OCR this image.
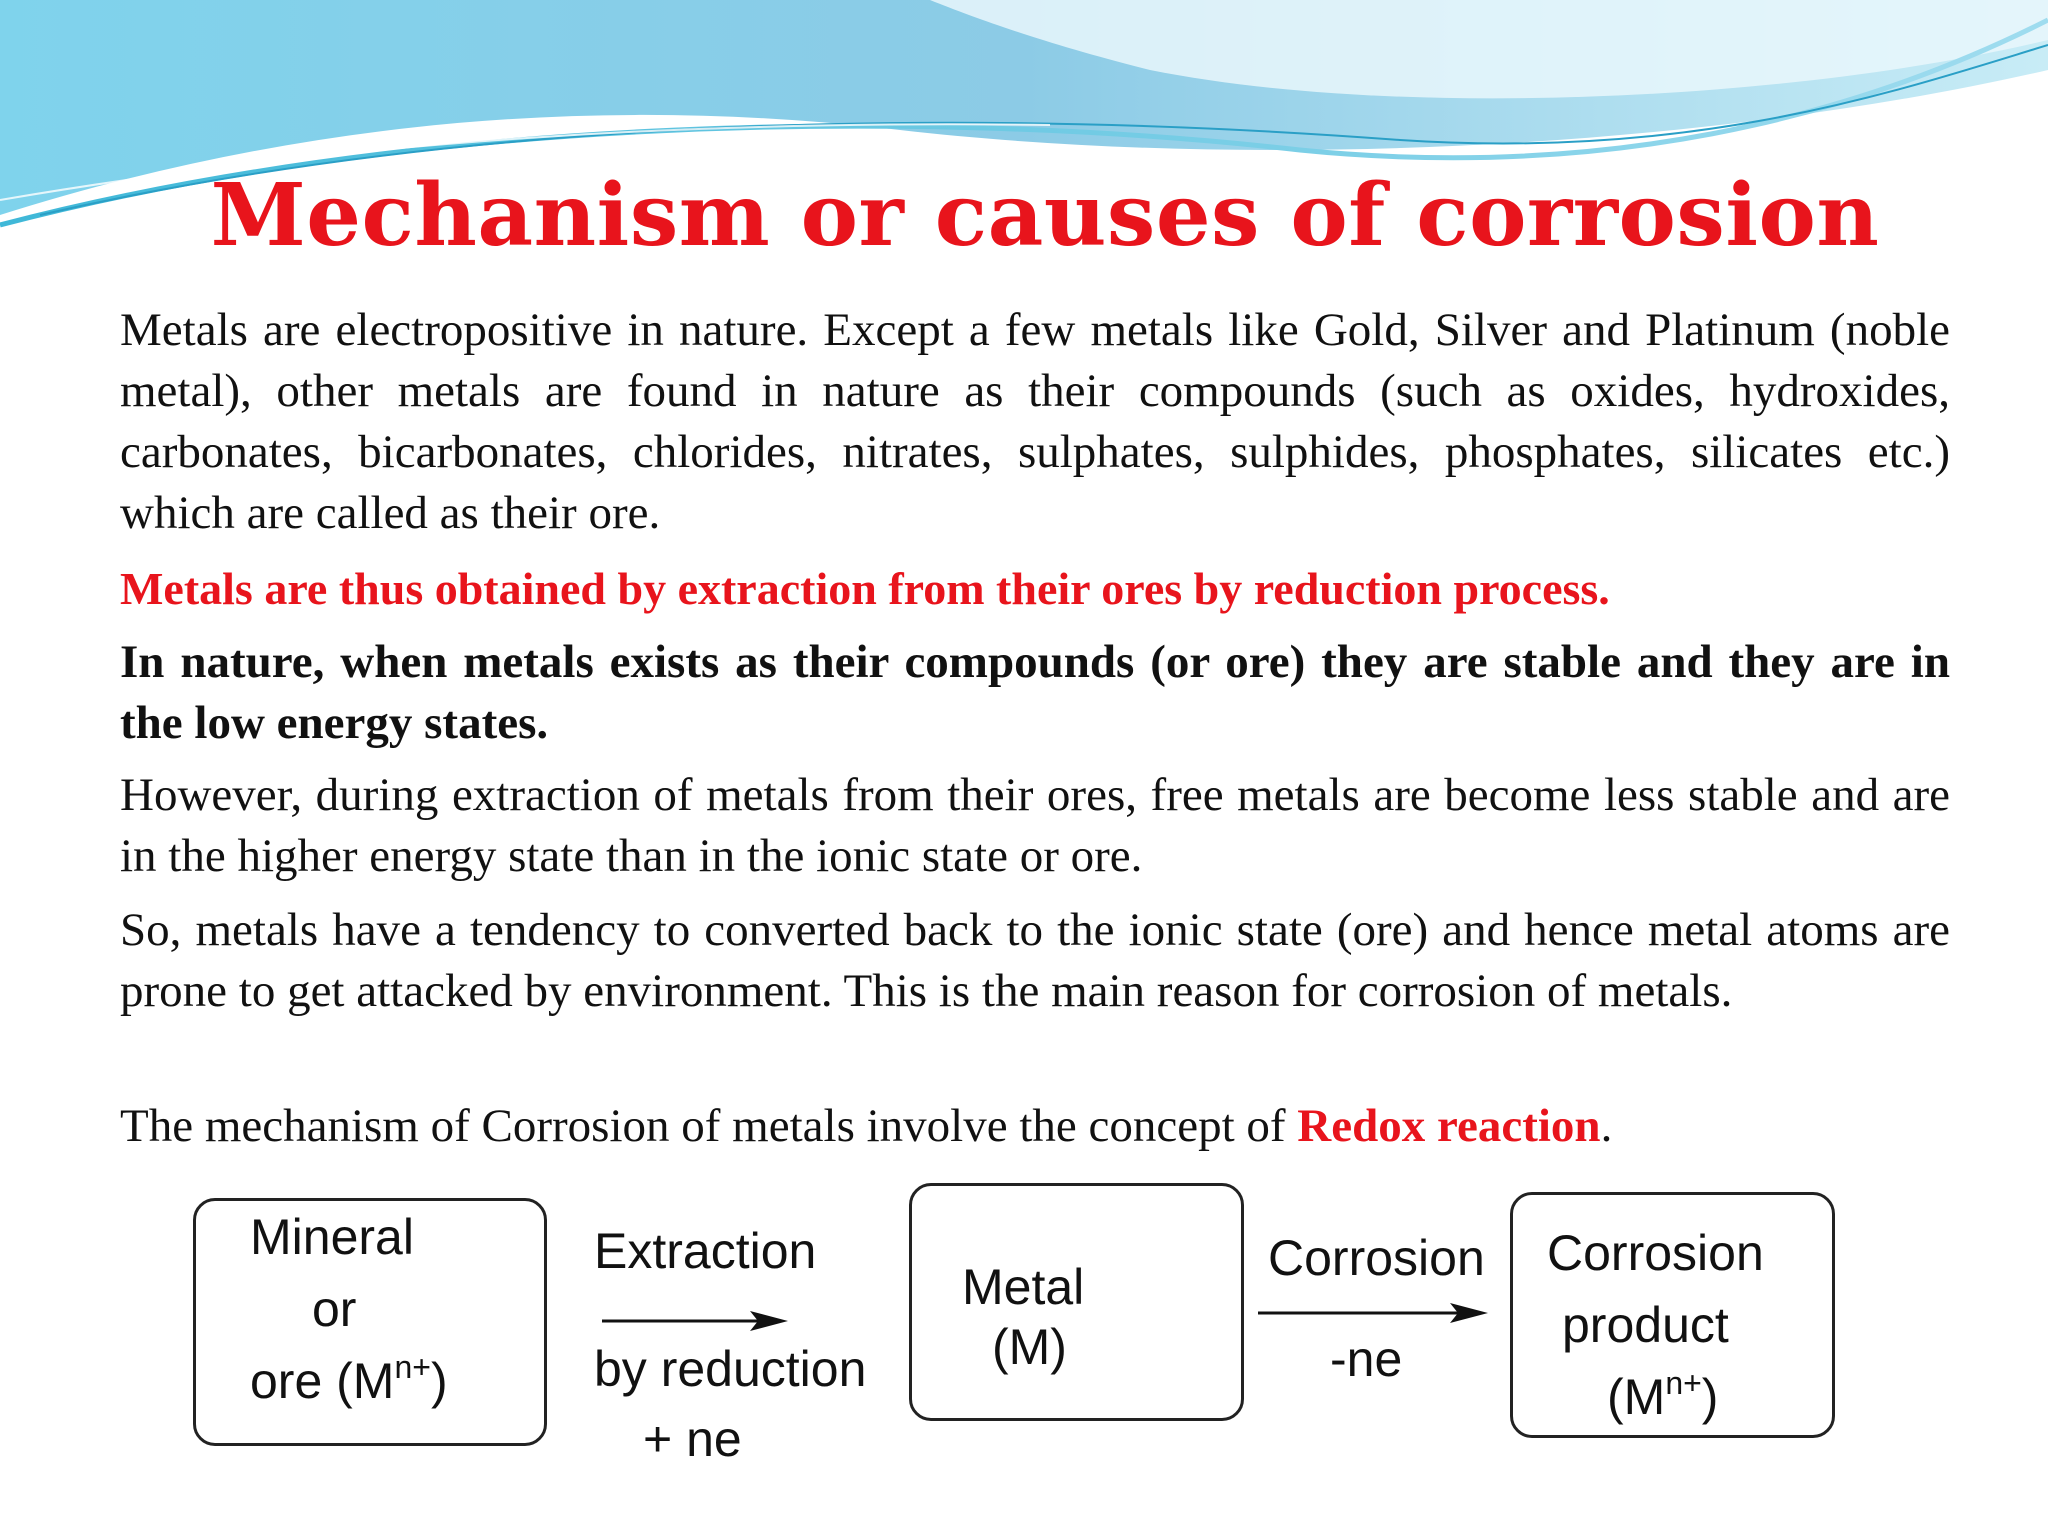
Mechanism or causes of corrosion

Metals are electropositive in nature. Except a few metals like Gold, Silver and Platinum (noble metal), other metals are found in nature as their compounds (such as oxides, hydroxides, carbonates, bicarbonates, chlorides, nitrates, sulphates, sulphides, phosphates, silicates etc.) which are called as their ore.

Metals are thus obtained by extraction from their ores by reduction process.

In nature, when metals exists as their compounds (or ore) they are stable and they are in the low energy states.

However, during extraction of metals from their ores, free metals are become less stable and are in the higher energy state than in the ionic state or ore.

So, metals have a tendency to converted back to the ionic state (ore) and hence metal atoms are prone to get attacked by environment. This is the main reason for corrosion of metals.

The mechanism of Corrosion of metals involve the concept of Redox reaction.

Mineral
or
ore $(M^{n+})$
Extraction
by reduction
+ ne
Metal
(M)
Corrosion
-ne
Corrosion
product
$(M^{n+})$
